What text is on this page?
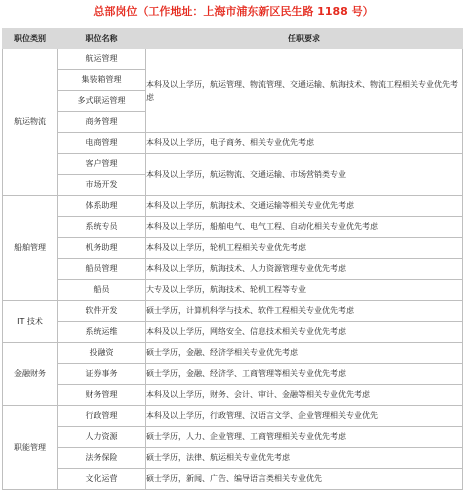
总部岗位（工作地址：上海市浦东新区民生路 1188 号）
职位类别	职位名称	任职要求
航运物流	航运管理	本科及以上学历，航运管理、物流管理、交通运输、航海技术、物流工程相关专业优先考虑
	集装箱管理	
	多式联运管理	
	商务管理	
	电商管理	本科及以上学历，电子商务、相关专业优先考虑
	客户管理	本科及以上学历，航运物流、交通运输、市场营销类专业
	市场开发	
船舶管理	体系助理	本科及以上学历，航海技术、交通运输等相关专业优先考虑
	系统专员	本科及以上学历，船舶电气、电气工程、自动化相关专业优先考虑
	机务助理	本科及以上学历，轮机工程相关专业优先考虑
	船员管理	本科及以上学历，航海技术、人力资源管理专业优先考虑
	船员	大专及以上学历，航海技术、轮机工程等专业
IT 技术	软件开发	硕士学历，计算机科学与技术、软件工程相关专业优先考虑
	系统运维	本科及以上学历，网络安全、信息技术相关专业优先考虑
金融财务	投融资	硕士学历，金融、经济学相关专业优先考虑
	证券事务	硕士学历，金融、经济学、工商管理等相关专业优先考虑
	财务管理	本科及以上学历，财务、会计、审计、金融等相关专业优先考虑
职能管理	行政管理	本科及以上学历，行政管理、汉语言文学、企业管理相关专业优先
	人力资源	硕士学历，人力、企业管理、工商管理相关专业优先考虑
	法务保险	硕士学历，法律、航运相关专业优先考虑
	文化运营	硕士学历，新闻、广告、编导语言类相关专业优先
